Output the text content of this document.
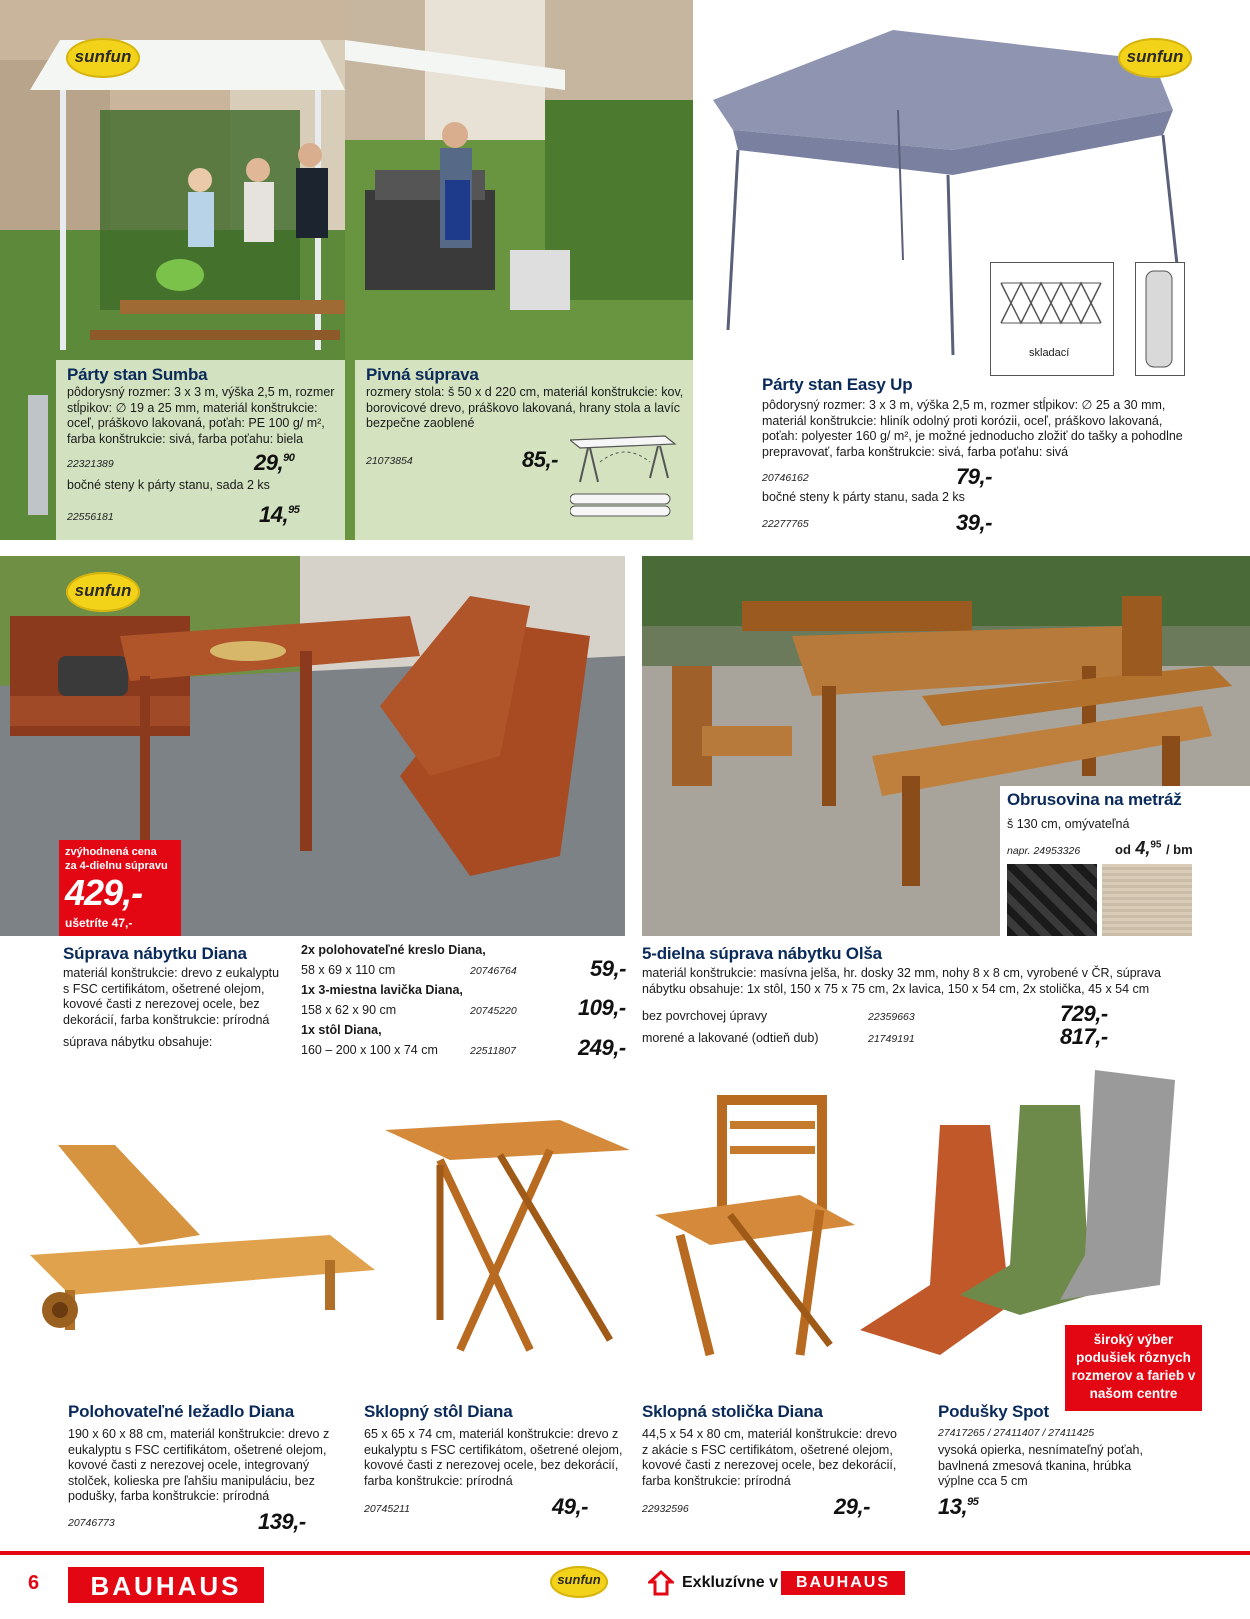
sunfun
Párty stan Sumba
pôdorysný rozmer: 3 x 3 m, výška 2,5 m, rozmer stĺpikov: ∅ 19 a 25 mm, materiál konštrukcie: oceľ, práškovo lakovaná, poťah: PE 100 g/ m², farba konštrukcie: sivá, farba poťahu: biela
22321389	29,90
bočné steny k párty stanu, sada 2 ks
22556181	14,95
Pivná súprava
rozmery stola: š 50 x d 220 cm, materiál konštrukcie: kov, borovicové drevo, práškovo lakovaná, hrany stola a lavíc bezpečne zaoblené
21073854	85,-
sunfun
skladací
Párty stan Easy Up
pôdorysný rozmer: 3 x 3 m, výška 2,5 m, rozmer stĺpikov: ∅ 25 a 30 mm, materiál konštrukcie: hliník odolný proti korózii, oceľ, práškovo lakovaná, poťah: polyester 160 g/ m², je možné jednoducho zložiť do tašky a pohodlne prepravovať, farba konštrukcie: sivá, farba poťahu: sivá
20746162	79,-
bočné steny k párty stanu, sada 2 ks
22277765	39,-
sunfun
zvýhodnená cena
za 4-dielnu súpravu
429,-
ušetríte 47,-
Súprava nábytku Diana
materiál konštrukcie: drevo z eukalyptu s FSC certifikátom, ošetrené olejom, kovové časti z nerezovej ocele, bez dekorácií, farba konštrukcie: prírodná
súprava nábytku obsahuje:
2x polohovateľné kreslo Diana,
58 x 69 x 110 cm	20746764	59,-
1x 3-miestna lavička Diana,
158 x 62 x 90 cm	20745220	109,-
1x stôl Diana,
160 – 200 x 100 x 74 cm	22511807	249,-
Obrusovina na metráž
š 130 cm, omývateľná
napr. 24953326	od 4,95 / bm
5-dielna súprava nábytku Olša
materiál konštrukcie: masívna jelša, hr. dosky 32 mm, nohy 8 x 8 cm, vyrobené v ČR, súprava nábytku obsahuje: 1x stôl, 150 x 75 x 75 cm, 2x lavica, 150 x 54 cm, 2x stolička, 45 x 54 cm
bez povrchovej úpravy	22359663	729,-
morené a lakované (odtieň dub)	21749191	817,-
široký výber podušiek rôznych rozmerov a farieb v našom centre
Polohovateľné ležadlo Diana
190 x 60 x 88 cm, materiál konštrukcie: drevo z eukalyptu s FSC certifikátom, ošetrené olejom, kovové časti z nerezovej ocele, integrovaný stolček, kolieska pre ľahšiu manipuláciu, bez podušky, farba konštrukcie: prírodná
20746773	139,-
Sklopný stôl Diana
65 x 65 x 74 cm, materiál konštrukcie: drevo z eukalyptu s FSC certifikátom, ošetrené olejom, kovové časti z nerezovej ocele, bez dekorácií, farba konštrukcie: prírodná
20745211	49,-
Sklopná stolička Diana
44,5 x 54 x 80 cm, materiál konštrukcie: drevo z akácie s FSC certifikátom, ošetrené olejom, kovové časti z nerezovej ocele, bez dekorácií, farba konštrukcie: prírodná
22932596	29,-
Podušky Spot
27417265 / 27411407 / 27411425
vysoká opierka, nesnímateľný poťah, bavlnená zmesová tkanina, hrúbka výplne cca 5 cm
13,95
6	BAUHAUS	sunfun	Exkluzívne v	BAUHAUS
